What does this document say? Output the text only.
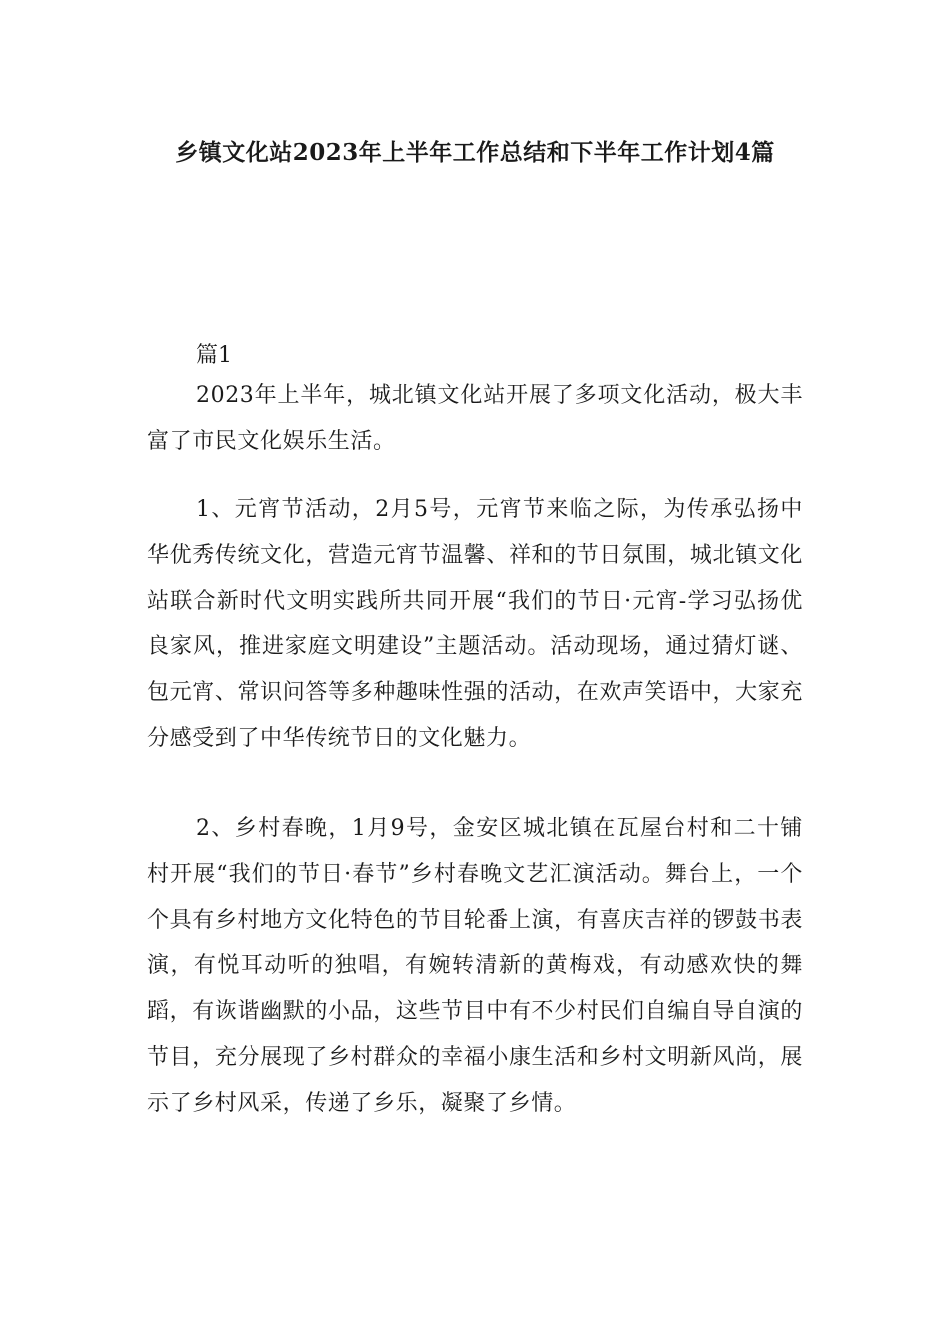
乡镇文化站2023年上半年工作总结和下半年工作计划4篇
篇1

2023年上半年，城北镇文化站开展了多项文化活动，极大丰富了市民文化娱乐生活。

1、元宵节活动，2月5号，元宵节来临之际，为传承弘扬中华优秀传统文化，营造元宵节温馨、祥和的节日氛围，城北镇文化站联合新时代文明实践所共同开展“我们的节日·元宵-学习弘扬优良家风，推进家庭文明建设”主题活动。活动现场，通过猜灯谜、包元宵、常识问答等多种趣味性强的活动，在欢声笑语中，大家充分感受到了中华传统节日的文化魅力。

2、乡村春晚，1月9号，金安区城北镇在瓦屋台村和二十铺村开展“我们的节日·春节”乡村春晚文艺汇演活动。舞台上，一个个具有乡村地方文化特色的节目轮番上演，有喜庆吉祥的锣鼓书表演，有悦耳动听的独唱，有婉转清新的黄梅戏，有动感欢快的舞蹈，有诙谐幽默的小品，这些节目中有不少村民们自编自导自演的节目，充分展现了乡村群众的幸福小康生活和乡村文明新风尚，展示了乡村风采，传递了乡乐，凝聚了乡情。
